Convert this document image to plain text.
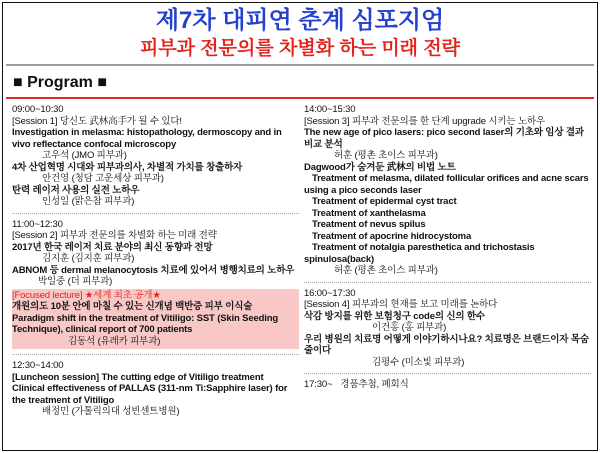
제7차 대피연 춘계 심포지엄
피부과 전문의를 차별화 하는 미래 전략
■ Program ■
09:00~10:30
[Session 1] 당신도 武林高手가 될 수 있다!
Investigation in melasma: histopathology, dermoscopy and in vivo reflectance confocal microscopy
고우석 (JMO 피부과)
4차 산업혁명 시대와 피부과의사, 차별적 가치를 창출하자
안건영 (청담 고운세상 피부과)
탄력 레이저 사용의 실전 노하우
인성일 (맑은참 피부과)
11:00~12:30
[Session 2] 피부과 전문의를 차별화 하는 미래 전략
2017년 한국 레이저 치료 분야의 최신 동향과 전망
김지훈 (김지훈 피부과)
ABNOM 등 dermal melanocytosis 치료에 있어서 병행치료의 노하우
박일중 (더 피부과)
[Focused lecture] ★세계 최초 공개★
개원의도 10분 안에 마칠 수 있는 신개념 백반증 피부 이식술
Paradigm shift in the treatment of Vitiligo: SST (Skin Seeding Technique), clinical report of 700 patients
김동석 (유레카 피부과)
12:30~14:00
[Luncheon session] The cutting edge of Vitiligo treatment
Clinical effectiveness of PALLAS (311-nm Ti:Sapphire laser) for the treatment of Vitiligo
배정민 (가톨릭의대 성빈센트병원)
14:00~15:30
[Session 3] 피부과 전문의를 한 단계 upgrade 시키는 노하우
The new age of pico lasers: pico second laser의 기초와 임상 결과 비교 분석
허훈 (평촌 초이스 피부과)
Dagwood가 숨겨둔 武林의 비법 노트
Treatment of melasma, dilated follicular orifices and acne scars using a pico seconds laser
Treatment of epidermal cyst tract
Treatment of xanthelasma
Treatment of nevus spilus
Treatment of apocrine hidrocystoma
Treatment of notalgia paresthetica and trichostasis spinulosa(back)
허훈 (평촌 초이스 피부과)
16:00~17:30
[Session 4] 피부과의 현재를 보고 미래를 논하다
삭감 방지를 위한 보험청구 code의 신의 한수
이건홍 (홍 피부과)
우리 병원의 치료명 어떻게 이야기하시나요? 치료명은 브랜드이자 목숨줄이다
김평수 (미소빛 피부과)
17:30~ 경품추첨, 폐회식
